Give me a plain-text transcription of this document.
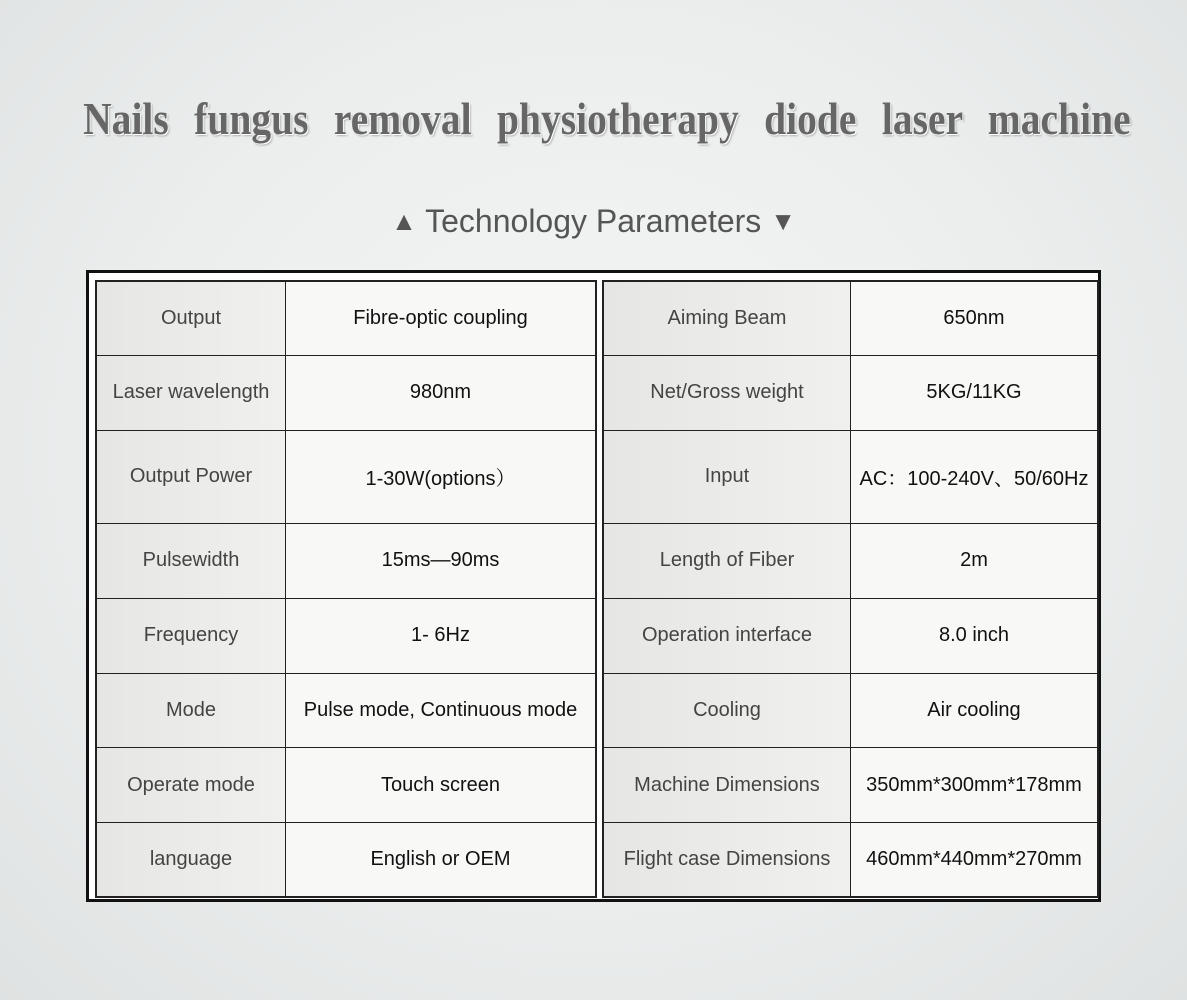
Nails fungus removal physiotherapy diode laser machine
▲ Technology Parameters ▼
Output	Fibre-optic coupling
Laser wavelength	980nm
Output Power	1-30W(options）
Pulsewidth	15ms—90ms
Frequency	1- 6Hz
Mode	Pulse mode, Continuous mode
Operate mode	Touch screen
language	English or OEM
Aiming Beam	650nm
Net/Gross weight	5KG/11KG
Input	AC：100-240V、50/60Hz
Length of Fiber	2m
Operation interface	8.0 inch
Cooling	Air cooling
Machine Dimensions	350mm*300mm*178mm
Flight case Dimensions	460mm*440mm*270mm
